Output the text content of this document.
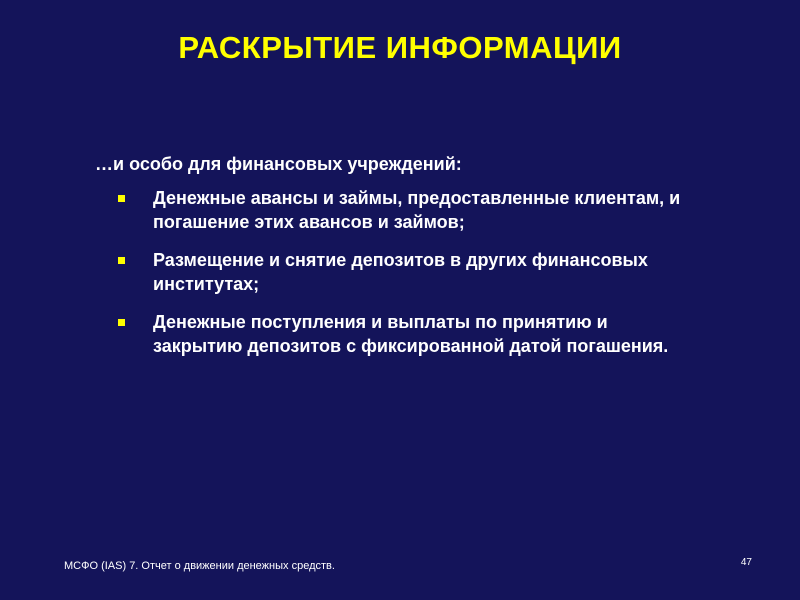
РАСКРЫТИЕ ИНФОРМАЦИИ
…и особо для финансовых учреждений:
Денежные авансы и займы, предоставленные клиентам, и погашение этих авансов и займов;
Размещение и снятие депозитов в других финансовых институтах;
Денежные поступления и выплаты по принятию и закрытию депозитов с фиксированной датой погашения.
МСФО (IAS) 7. Отчет о движении денежных средств.	47
